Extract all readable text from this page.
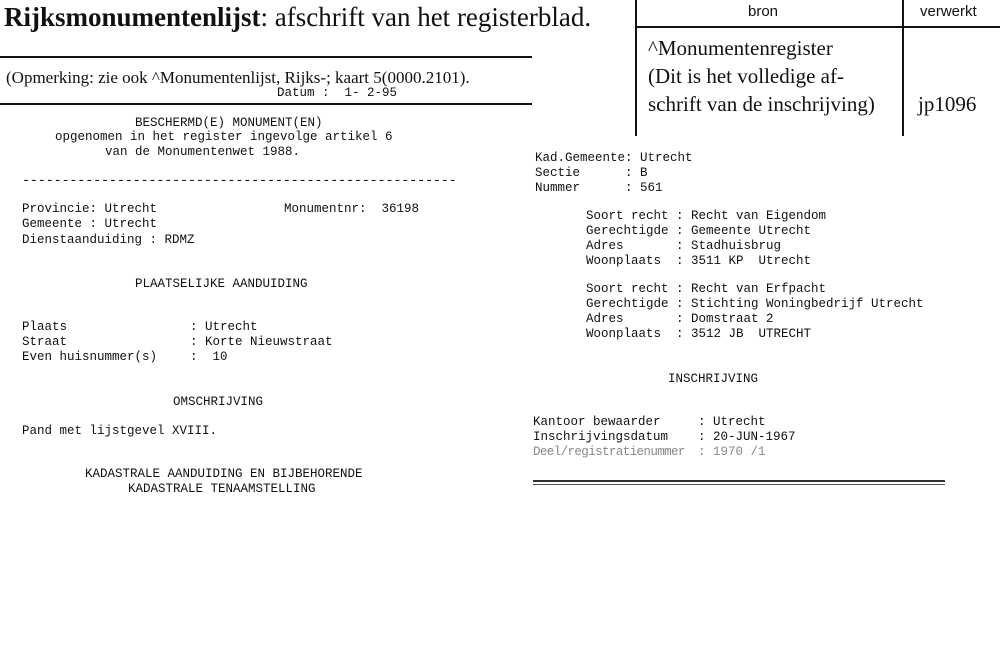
Rijksmonumentenlijst: afschrift van het registerblad.
(Opmerking: zie ook ^Monumentenlijst, Rijks-; kaart 5(0000.2101).
bron	verwerkt
^Monumentenregister
(Dit is het volledige af-
schrift van de inschrijving) jp1096
Datum :  1- 2-95
BESCHERMD(E) MONUMENT(EN)
opgenomen in het register ingevolge artikel 6
van de Monumentenwet 1988.
-------------------------------------------------------
Provincie: Utrecht	Monumentnr:  36198
Gemeente : Utrecht
Dienstaanduiding : RDMZ
PLAATSELIJKE AANDUIDING
Plaats	: Utrecht
Straat	: Korte Nieuwstraat
Even huisnummer(s)	:  10
OMSCHRIJVING
Pand met lijstgevel XVIII.
KADASTRALE AANDUIDING EN BIJBEHORENDE
KADASTRALE TENAAMSTELLING
Kad.Gemeente: Utrecht
Sectie	: B
Nummer	: 561
Soort recht : Recht van Eigendom
Gerechtigde : Gemeente Utrecht
Adres	: Stadhuisbrug
Woonplaats : 3511 KP  Utrecht
Soort recht : Recht van Erfpacht
Gerechtigde : Stichting Woningbedrijf Utrecht
Adres	: Domstraat 2
Woonplaats : 3512 JB  UTRECHT
INSCHRIJVING
Kantoor bewaarder	: Utrecht
Inschrijvingsdatum : 20-JUN-1967
Deel/registratienummer : 1970 /1
